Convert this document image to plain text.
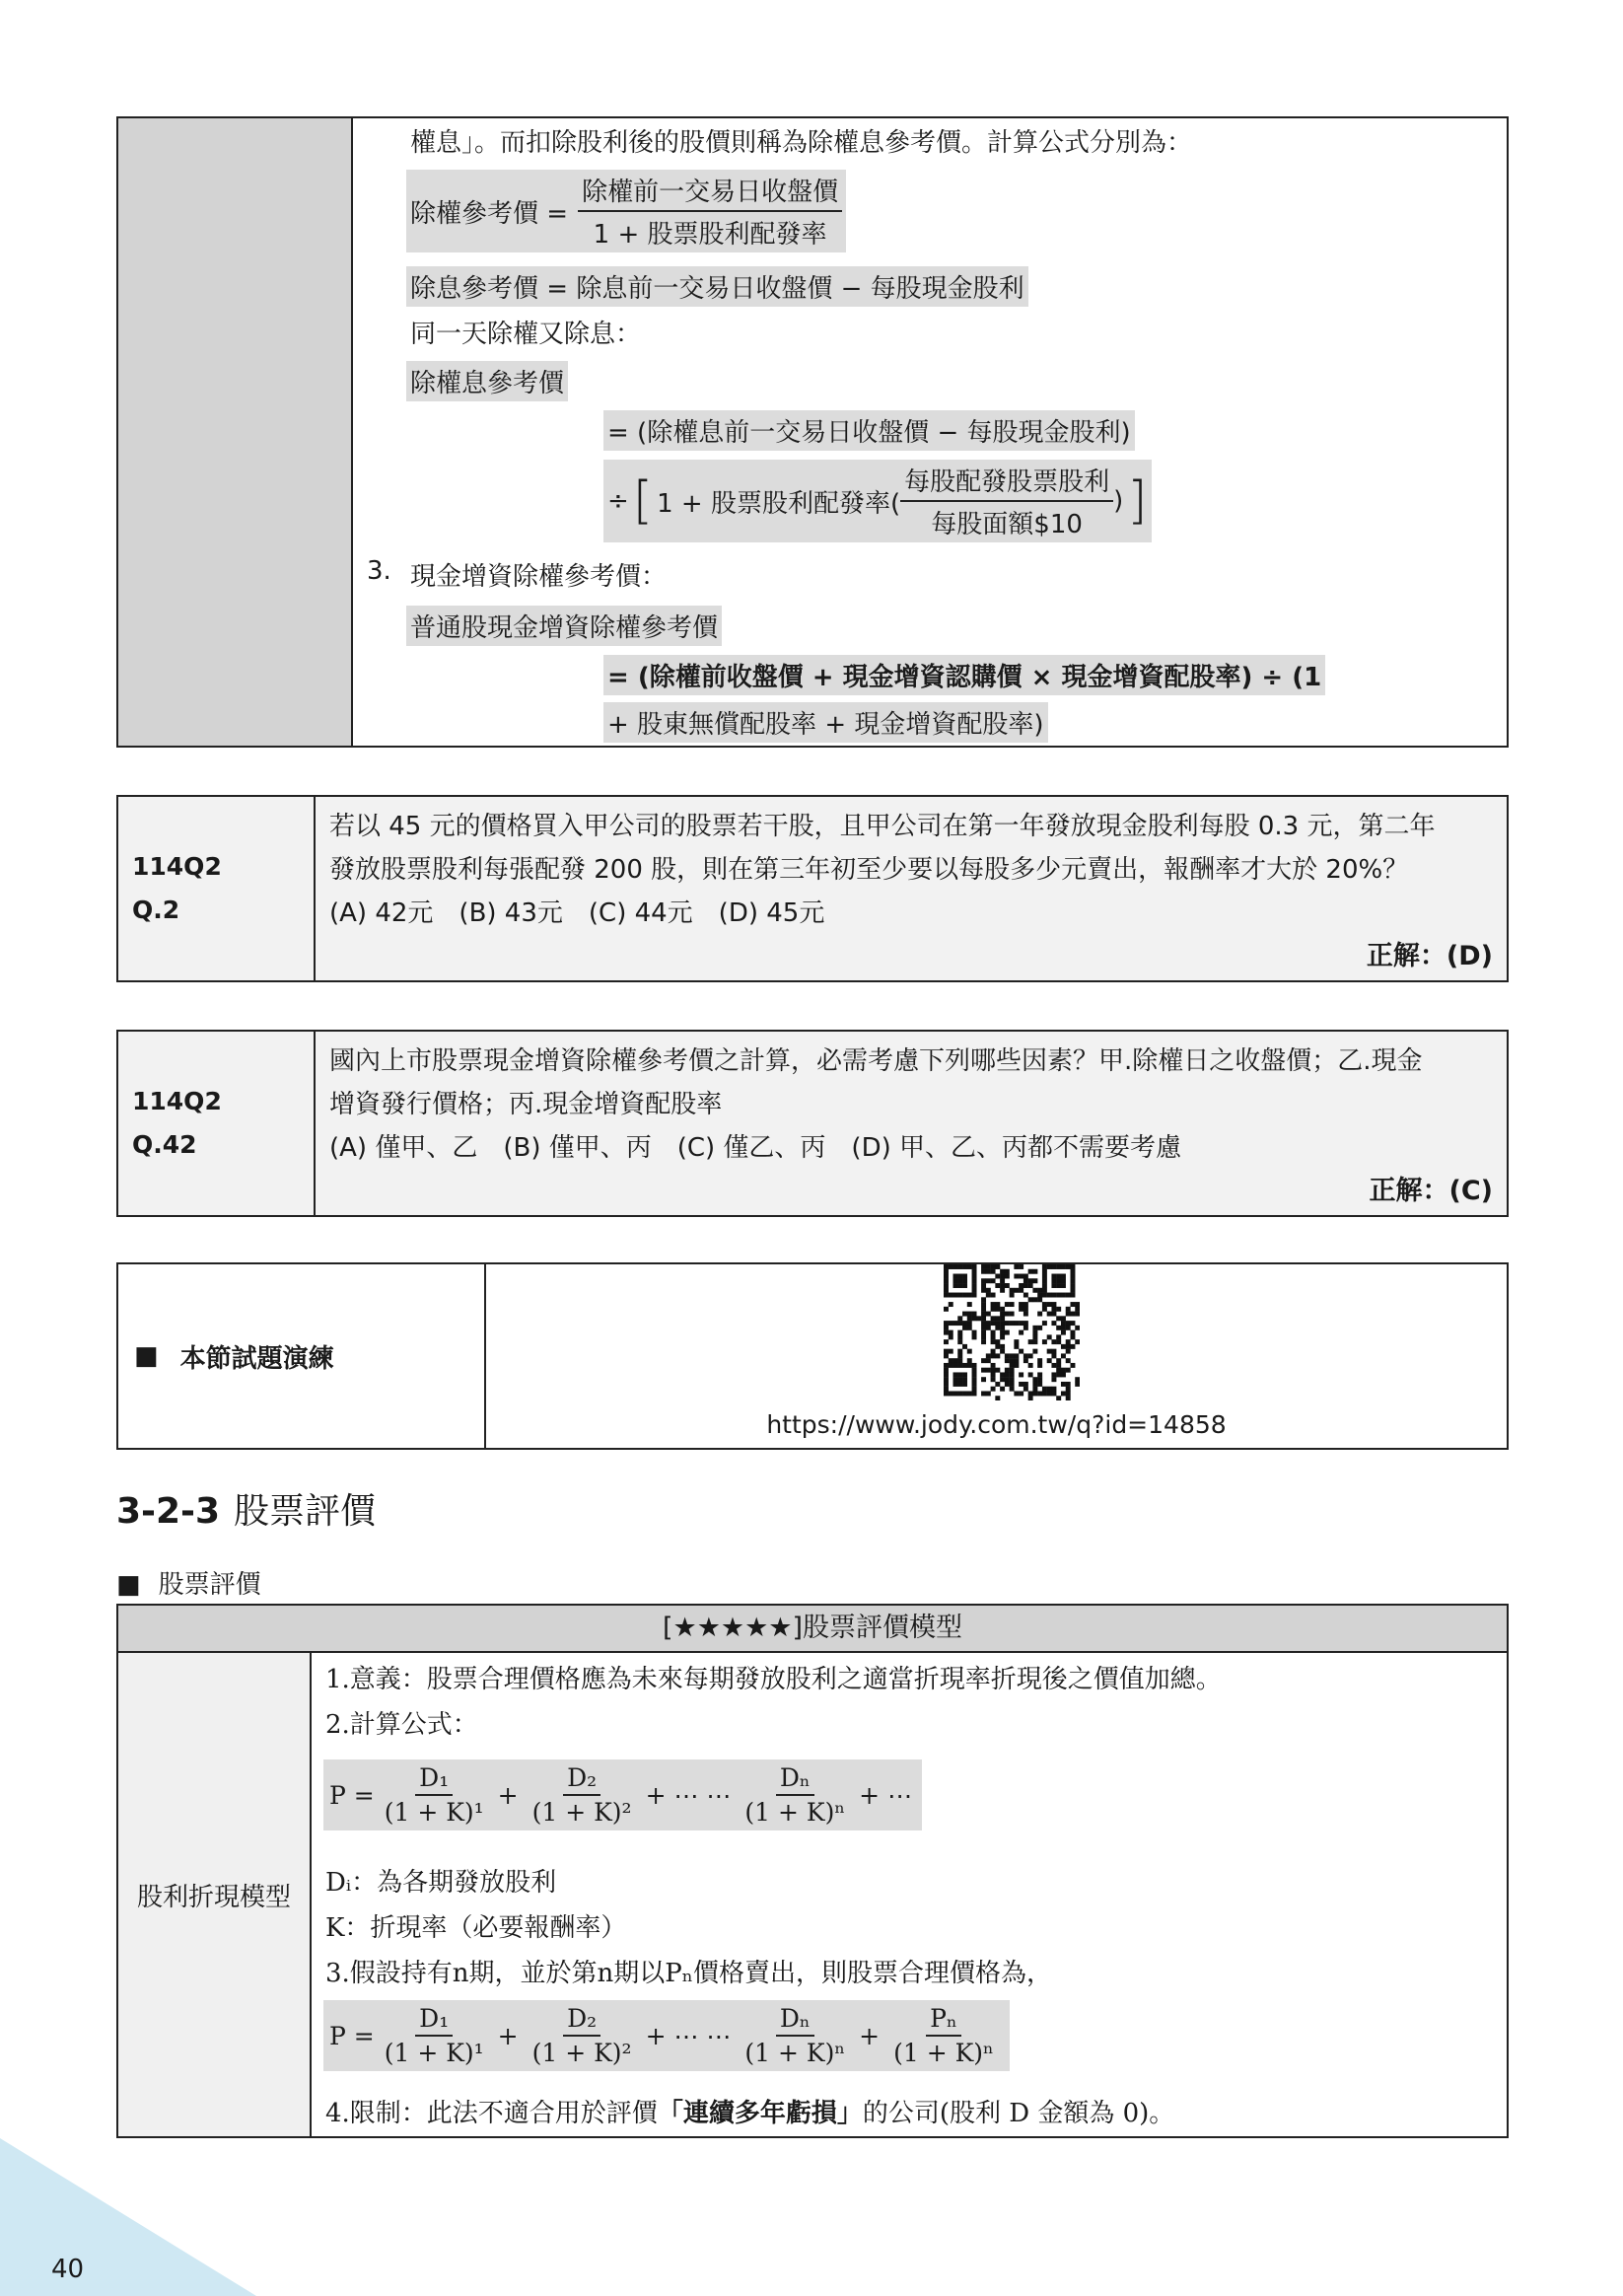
權息」。而扣除股利後的股價則稱為除權息參考價。計算公式分別為：
除權參考價 = $\frac{\text{除權前一交易日收盤價}}{\text{1 + 股票股利配發率}}$
除息參考價 = 除息前一交易日收盤價 − 每股現金股利
同一天除權又除息：
除權息參考價
= (除權息前一交易日收盤價 − 每股現金股利)
÷ [ 1 + 股票股利配發率( $\frac{\text{每股配發股票股利}}{\text{每股面額\$10}}$ ) ]
3. 現金增資除權參考價：
普通股現金增資除權參考價
= (除權前收盤價 + 現金增資認購價 × 現金增資配股率) ÷ (1
+ 股東無償配股率 + 現金增資配股率)
114Q2
Q.2
若以 45 元的價格買入甲公司的股票若干股，且甲公司在第一年發放現金股利每股 0.3 元，第二年
發放股票股利每張配發 200 股，則在第三年初至少要以每股多少元賣出，報酬率才大於 20%？
(A) 42元　(B) 43元　(C) 44元　(D) 45元
正解：(D)
114Q2
Q.42
國內上市股票現金增資除權參考價之計算，必需考慮下列哪些因素？甲.除權日之收盤價；乙.現金
增資發行價格；丙.現金增資配股率
(A) 僅甲、乙　(B) 僅甲、丙　(C) 僅乙、丙　(D) 甲、乙、丙都不需要考慮
正解：(C)
■ 本節試題演練
https://www.jody.com.tw/q?id=14858
3-2-3 股票評價
■ 股票評價
[★★★★★]股票評價模型
股利折現模型
1.意義：股票合理價格應為未來每期發放股利之適當折現率折現後之價值加總。
2.計算公式：
$P = \frac{\text{D₁}}{\text{(1 + K)¹}} + \frac{\text{D₂}}{\text{(1 + K)²}}$ + ⋯ ⋯ $\frac{\text{Dₙ}}{\text{(1 + K)ⁿ}}$ + ⋯
Dᵢ：為各期發放股利
K：折現率（必要報酬率）
3.假設持有n期，並於第n期以Pₙ價格賣出，則股票合理價格為，
$P = \frac{\text{D₁}}{\text{(1 + K)¹}} + \frac{\text{D₂}}{\text{(1 + K)²}}$ + ⋯ ⋯ $\frac{\text{Dₙ}}{\text{(1 + K)ⁿ}} + \frac{\text{Pₙ}}{\text{(1 + K)ⁿ}}$
4.限制：此法不適合用於評價「連續多年虧損」的公司(股利 D 金額為 0)。
40
